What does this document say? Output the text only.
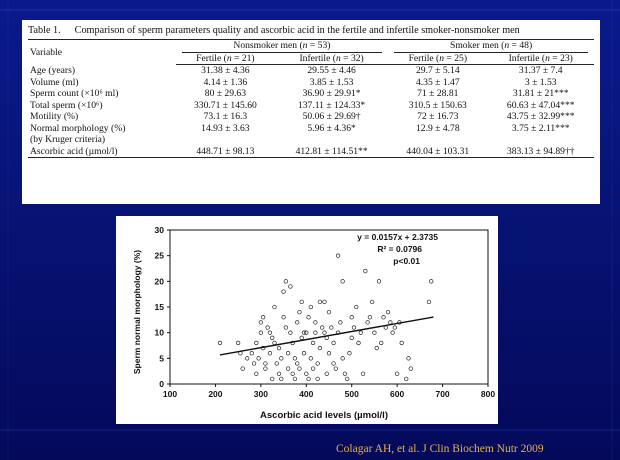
Table 1. Comparison of sperm parameters quality and ascorbic acid in the fertile and infertile smoker-nonsmoker men
Variable	Nonsmoker men (n = 53)		Smoker men (n = 48)	
	Fertile (n = 21)	Infertile (n = 32)	Fertile (n = 25)	Infertile (n = 23)
Age (years)	31.38 ± 4.36	29.55 ± 4.46	29.7 ± 5.14	31.37 ± 7.4
Volume (ml)	4.14 ± 1.36	3.85 ± 1.53	4.35 ± 1.47	3 ± 1.53
Sperm count (×10⁶ ml)	80 ± 29.63	36.90 ± 29.91*	71 ± 28.81	31.81 ± 21***
Total sperm (×10⁶)	330.71 ± 145.60	137.11 ± 124.33*	310.5 ± 150.63	60.63 ± 47.04***
Motility (%)	73.1 ± 16.3	50.06 ± 29.69†	72 ± 16.73	43.75 ± 32.99***
Normal morphology (%)	14.93 ± 3.63	5.96 ± 4.36*	12.9 ± 4.78	3.75 ± 2.11***
(by Kruger criteria)				
Ascorbic acid (µmol/l)	448.71 ± 98.13	412.81 ± 114.51**	440.04 ± 103.31	383.13 ± 94.89††
100	200	300	400	500	600	700	800
0
5
10
15
20
25
30
y = 0.0157x + 2.3735
R² = 0.0796
p<0.01
Ascorbic acid levels (µmol/l)
Sperm normal morphology (%)
Colagar AH, et al. J Clin Biochem Nutr 2009
